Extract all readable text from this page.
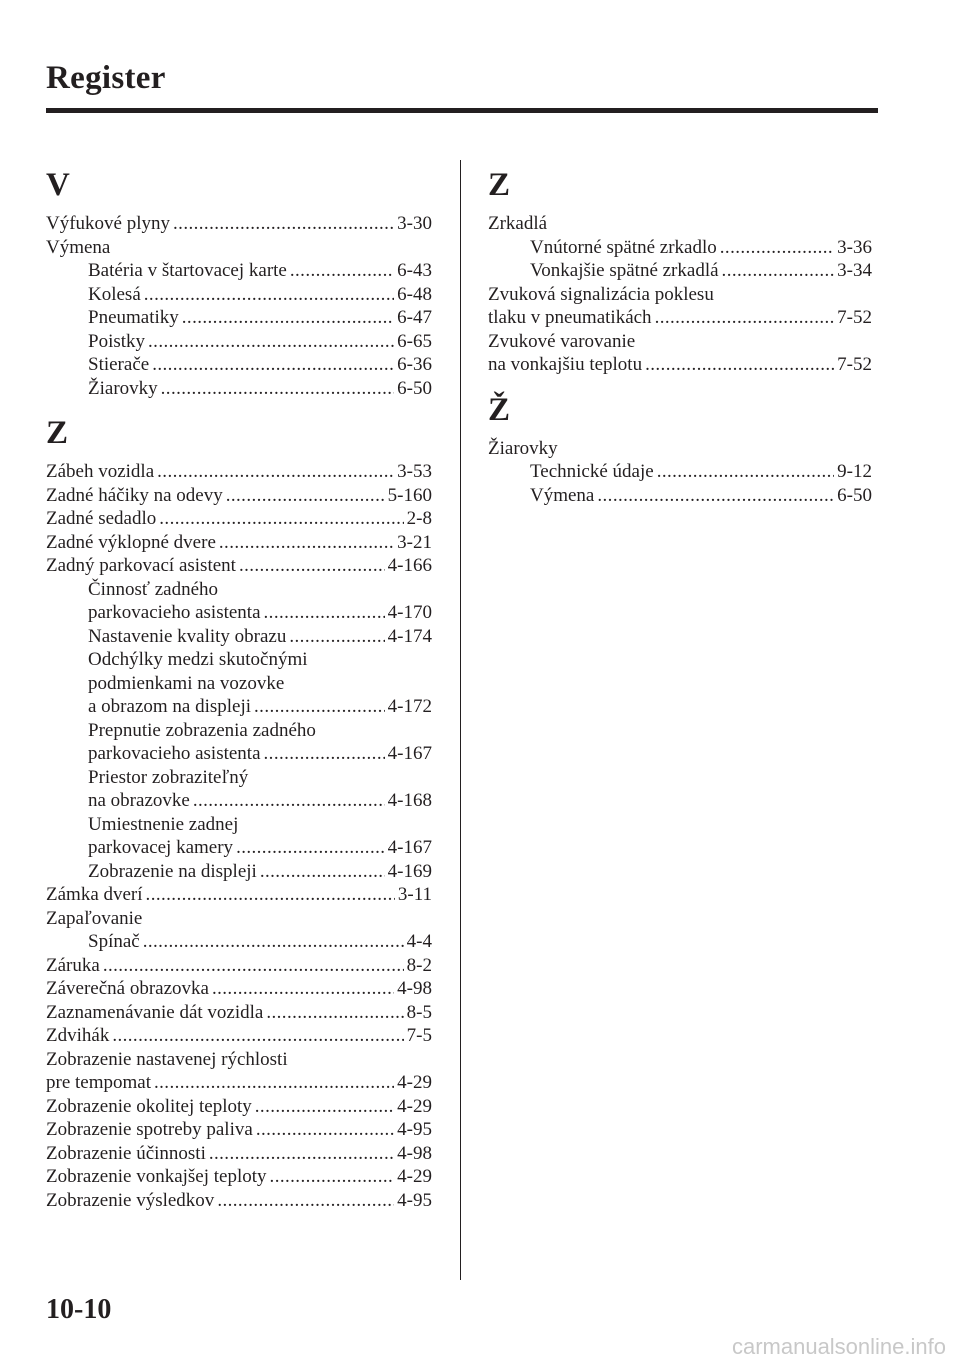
Register
V
Výfukové plyny .....	3-30
Výmena
Batéria v štartovacej karte .....	6-43
Kolesá .....	6-48
Pneumatiky .....	6-47
Poistky .....	6-65
Stierače .....	6-36
Žiarovky .....	6-50
Z
Zábeh vozidla .....	3-53
Zadné háčiky na odevy .....	5-160
Zadné sedadlo .....	2-8
Zadné výklopné dvere .....	3-21
Zadný parkovací asistent .....	4-166
Činnosť zadného
parkovacieho asistenta .....	4-170
Nastavenie kvality obrazu .....	4-174
Odchýlky medzi skutočnými
podmienkami na vozovke
a obrazom na displeji .....	4-172
Prepnutie zobrazenia zadného
parkovacieho asistenta .....	4-167
Priestor zobraziteľný
na obrazovke .....	4-168
Umiestnenie zadnej
parkovacej kamery .....	4-167
Zobrazenie na displeji .....	4-169
Zámka dverí .....	3-11
Zapaľovanie
Spínač .....	4-4
Záruka .....	8-2
Záverečná obrazovka .....	4-98
Zaznamenávanie dát vozidla .....	8-5
Zdvihák .....	7-5
Zobrazenie nastavenej rýchlosti
pre tempomat .....	4-29
Zobrazenie okolitej teploty .....	4-29
Zobrazenie spotreby paliva .....	4-95
Zobrazenie účinnosti .....	4-98
Zobrazenie vonkajšej teploty .....	4-29
Zobrazenie výsledkov .....	4-95
Z
Zrkadlá
Vnútorné spätné zrkadlo .....	3-36
Vonkajšie spätné zrkadlá .....	3-34
Zvuková signalizácia poklesu
tlaku v pneumatikách .....	7-52
Zvukové varovanie
na vonkajšiu teplotu .....	7-52
Ž
Žiarovky
Technické údaje .....	9-12
Výmena .....	6-50
10-10
carmanualsonline.info
